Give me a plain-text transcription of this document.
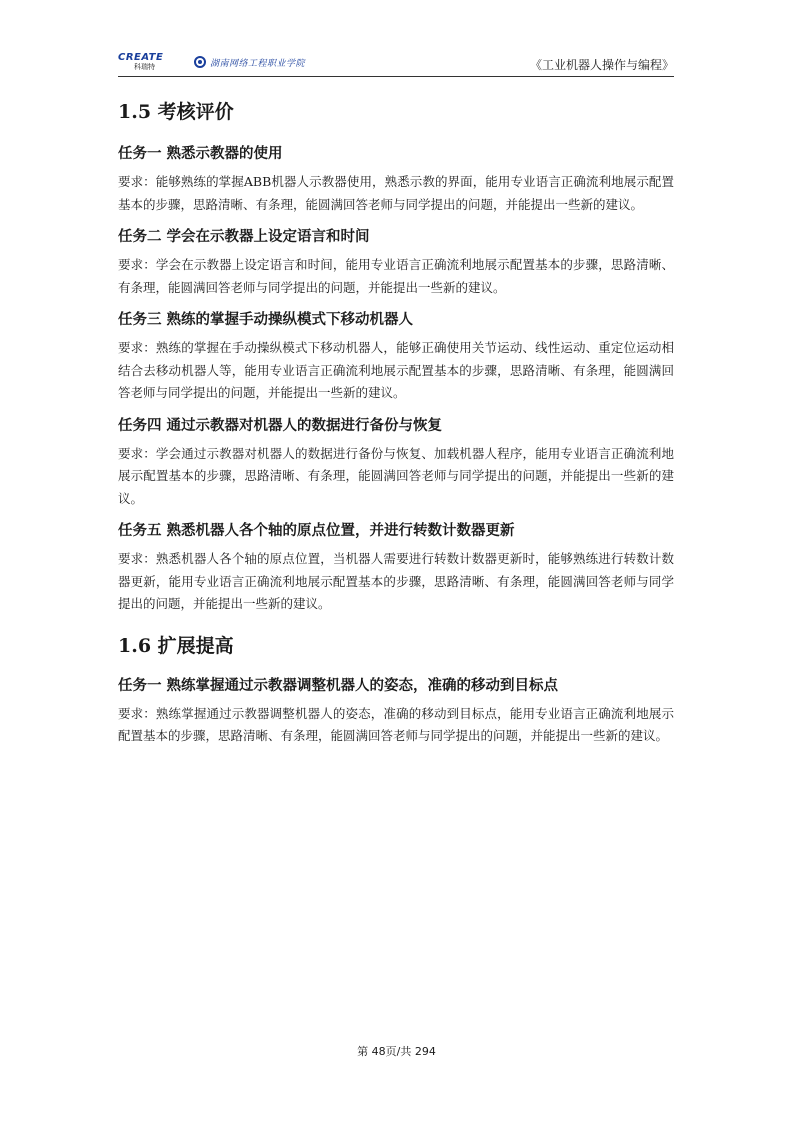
CREATE
科瑞特	湖南网络工程职业学院	《工业机器人操作与编程》
1.5 考核评价
任务一 熟悉示教器的使用

要求：能够熟练的掌握ABB机器人示教器使用，熟悉示教的界面，能用专业语言正确流利地展示配置基本的步骤，思路清晰、有条理，能圆满回答老师与同学提出的问题，并能提出一些新的建议。

任务二 学会在示教器上设定语言和时间

要求：学会在示教器上设定语言和时间，能用专业语言正确流利地展示配置基本的步骤，思路清晰、有条理，能圆满回答老师与同学提出的问题，并能提出一些新的建议。

任务三 熟练的掌握手动操纵模式下移动机器人

要求：熟练的掌握在手动操纵模式下移动机器人，能够正确使用关节运动、线性运动、重定位运动相结合去移动机器人等，能用专业语言正确流利地展示配置基本的步骤，思路清晰、有条理，能圆满回答老师与同学提出的问题，并能提出一些新的建议。

任务四 通过示教器对机器人的数据进行备份与恢复

要求：学会通过示教器对机器人的数据进行备份与恢复、加载机器人程序，能用专业语言正确流利地展示配置基本的步骤，思路清晰、有条理，能圆满回答老师与同学提出的问题，并能提出一些新的建议。

任务五 熟悉机器人各个轴的原点位置，并进行转数计数器更新

要求：熟悉机器人各个轴的原点位置，当机器人需要进行转数计数器更新时，能够熟练进行转数计数器更新，能用专业语言正确流利地展示配置基本的步骤，思路清晰、有条理，能圆满回答老师与同学提出的问题，并能提出一些新的建议。

1.6 扩展提高
任务一 熟练掌握通过示教器调整机器人的姿态，准确的移动到目标点

要求：熟练掌握通过示教器调整机器人的姿态，准确的移动到目标点，能用专业语言正确流利地展示配置基本的步骤，思路清晰、有条理，能圆满回答老师与同学提出的问题，并能提出一些新的建议。

第 48页/共 294
